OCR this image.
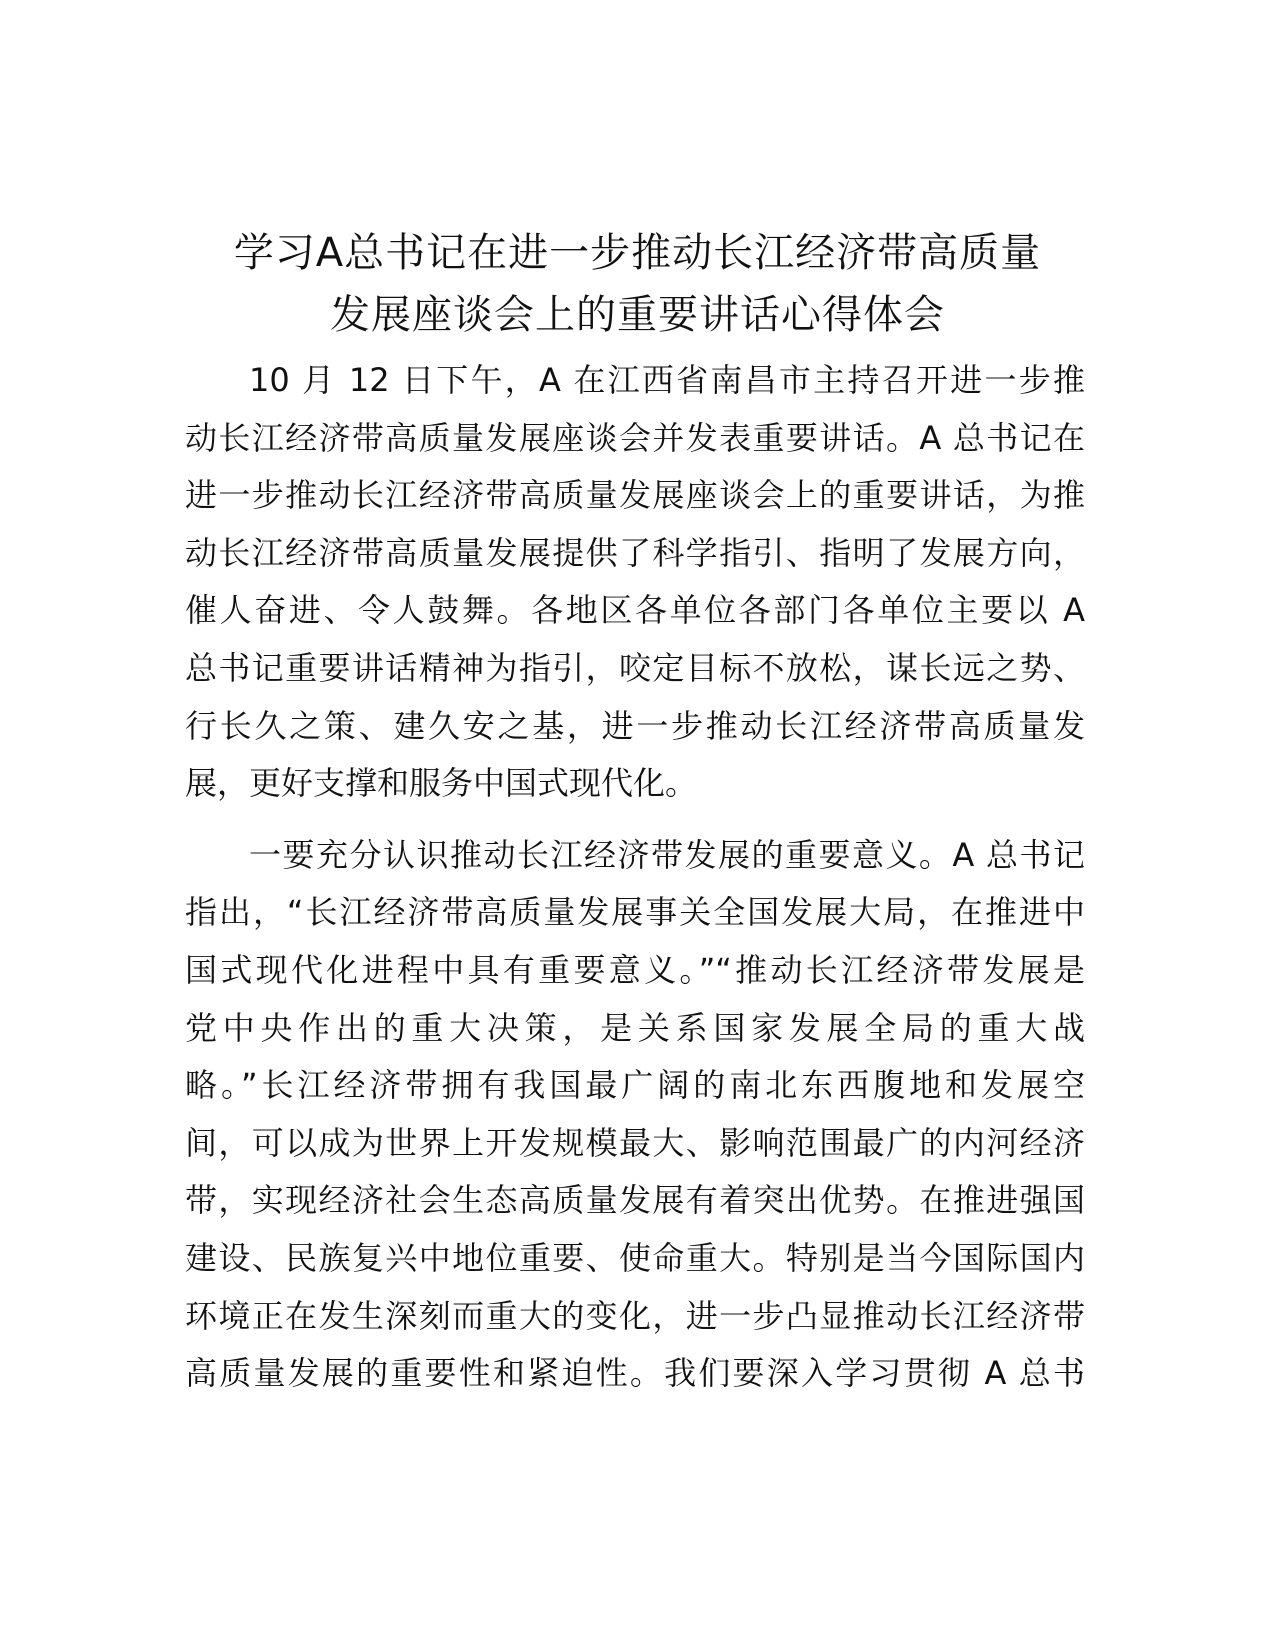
学习A总书记在进一步推动长江经济带高质量
发展座谈会上的重要讲话心得体会
10 月 12 日下午，A 在江西省南昌市主持召开进一步推
动长江经济带高质量发展座谈会并发表重要讲话。A 总书记在
进一步推动长江经济带高质量发展座谈会上的重要讲话，为推
动长江经济带高质量发展提供了科学指引、指明了发展方向，
催人奋进、令人鼓舞。各地区各单位各部门各单位主要以 A
总书记重要讲话精神为指引，咬定目标不放松，谋长远之势、
行长久之策、建久安之基，进一步推动长江经济带高质量发
展，更好支撑和服务中国式现代化。
一要充分认识推动长江经济带发展的重要意义。A 总书记
指出，“长江经济带高质量发展事关全国发展大局，在推进中
国式现代化进程中具有重要意义。”“推动长江经济带发展是
党中央作出的重大决策，是关系国家发展全局的重大战
略。”长江经济带拥有我国最广阔的南北东西腹地和发展空
间，可以成为世界上开发规模最大、影响范围最广的内河经济
带，实现经济社会生态高质量发展有着突出优势。在推进强国
建设、民族复兴中地位重要、使命重大。特别是当今国际国内
环境正在发生深刻而重大的变化，进一步凸显推动长江经济带
高质量发展的重要性和紧迫性。我们要深入学习贯彻 A 总书
